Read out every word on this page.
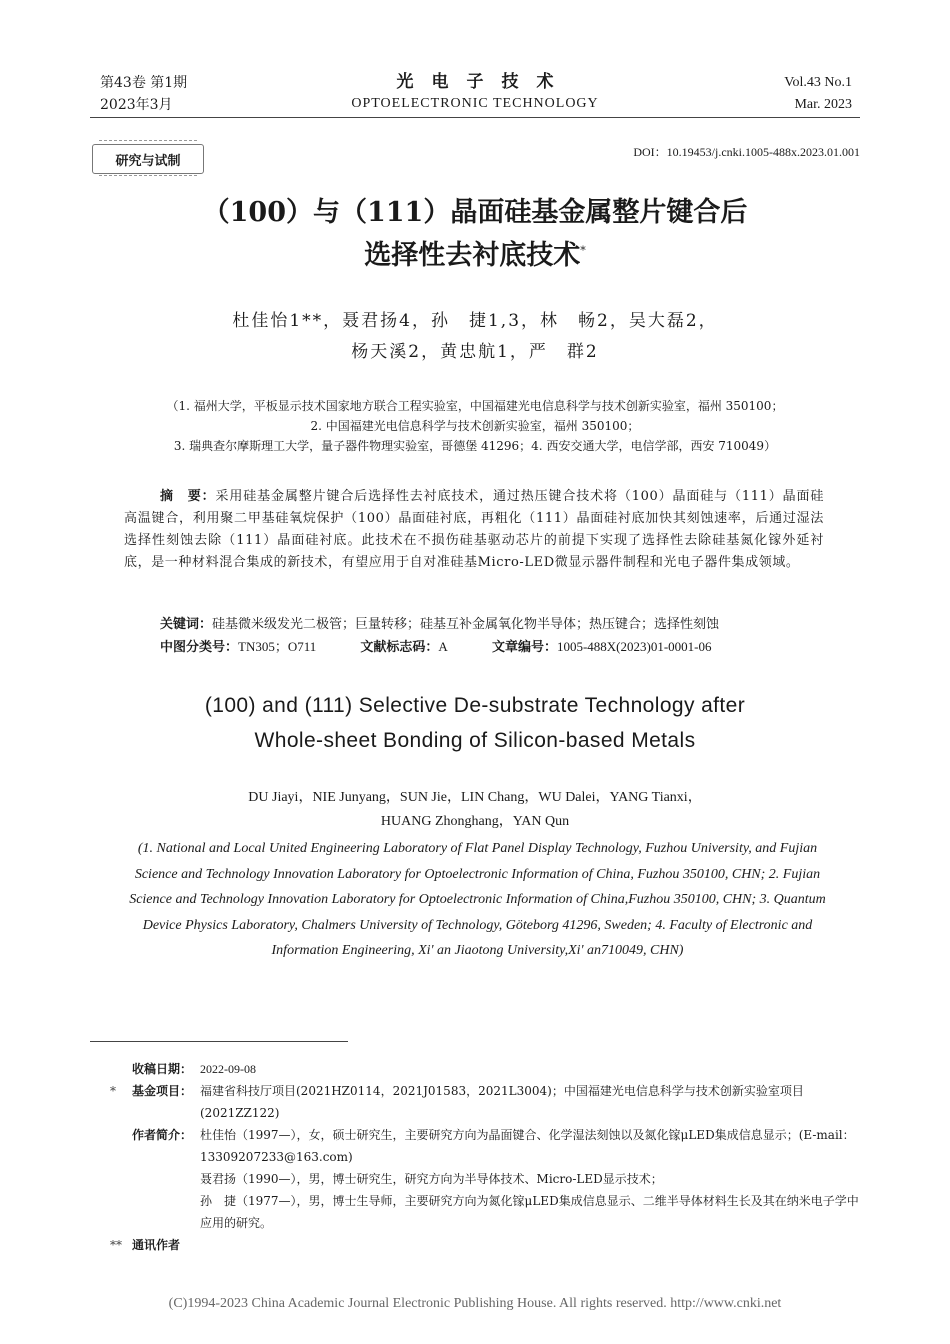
第43卷 第1期
2023年3月
光电子技术
OPTOELECTRONIC TECHNOLOGY
Vol.43 No.1
Mar. 2023
研究与试制
DOI：10.19453/j.cnki.1005-488x.2023.01.001
（100）与（111）晶面硅基金属整片键合后
选择性去衬底技术*
杜佳怡1**，聂君扬4，孙　捷1,3，林　畅2，吴大磊2，
杨天溪2，黄忠航1，严　群2
（1. 福州大学，平板显示技术国家地方联合工程实验室，中国福建光电信息科学与技术创新实验室，福州 350100；
2. 中国福建光电信息科学与技术创新实验室，福州 350100；
3. 瑞典查尔摩斯理工大学，量子器件物理实验室，哥德堡 41296；4. 西安交通大学，电信学部，西安 710049）
摘　要：采用硅基金属整片键合后选择性去衬底技术，通过热压键合技术将（100）晶面硅与（111）晶面硅高温键合，利用聚二甲基硅氧烷保护（100）晶面硅衬底，再粗化（111）晶面硅衬底加快其刻蚀速率，后通过湿法选择性刻蚀去除（111）晶面硅衬底。此技术在不损伤硅基驱动芯片的前提下实现了选择性去除硅基氮化镓外延衬底，是一种材料混合集成的新技术，有望应用于自对准硅基Micro-LED微显示器件制程和光电子器件集成领域。
关键词：硅基微米级发光二极管；巨量转移；硅基互补金属氧化物半导体；热压键合；选择性刻蚀
中图分类号：TN305；O711	文献标志码：A	文章编号：1005-488X(2023)01-0001-06
(100) and (111) Selective De-substrate Technology after
Whole-sheet Bonding of Silicon-based Metals
DU Jiayi，NIE Junyang，SUN Jie，LIN Chang，WU Dalei，YANG Tianxi，
HUANG Zhonghang，YAN Qun
(1. National and Local United Engineering Laboratory of Flat Panel Display Technology, Fuzhou University, and Fujian Science and Technology Innovation Laboratory for Optoelectronic Information of China, Fuzhou 350100, CHN; 2. Fujian Science and Technology Innovation Laboratory for Optoelectronic Information of China,Fuzhou 350100, CHN; 3. Quantum Device Physics Laboratory, Chalmers University of Technology, Göteborg 41296, Sweden; 4. Faculty of Electronic and Information Engineering, Xi' an Jiaotong University,Xi' an710049, CHN)
收稿日期： 2022-09-08
*	基金项目： 福建省科技厅项目(2021HZ0114，2021J01583，2021L3004)；中国福建光电信息科学与技术创新实验室项目(2021ZZ122)
作者简介： 杜佳怡（1997—），女，硕士研究生，主要研究方向为晶面键合、化学湿法刻蚀以及氮化镓μLED集成信息显示；(E-mail：13309207233@163.com)
聂君扬（1990—），男，博士研究生，研究方向为半导体技术、Micro-LED显示技术；
孙　捷（1977—），男，博士生导师，主要研究方向为氮化镓μLED集成信息显示、二维半导体材料生长及其在纳米电子学中应用的研究。
** 通讯作者
(C)1994-2023 China Academic Journal Electronic Publishing House. All rights reserved. http://www.cnki.net
